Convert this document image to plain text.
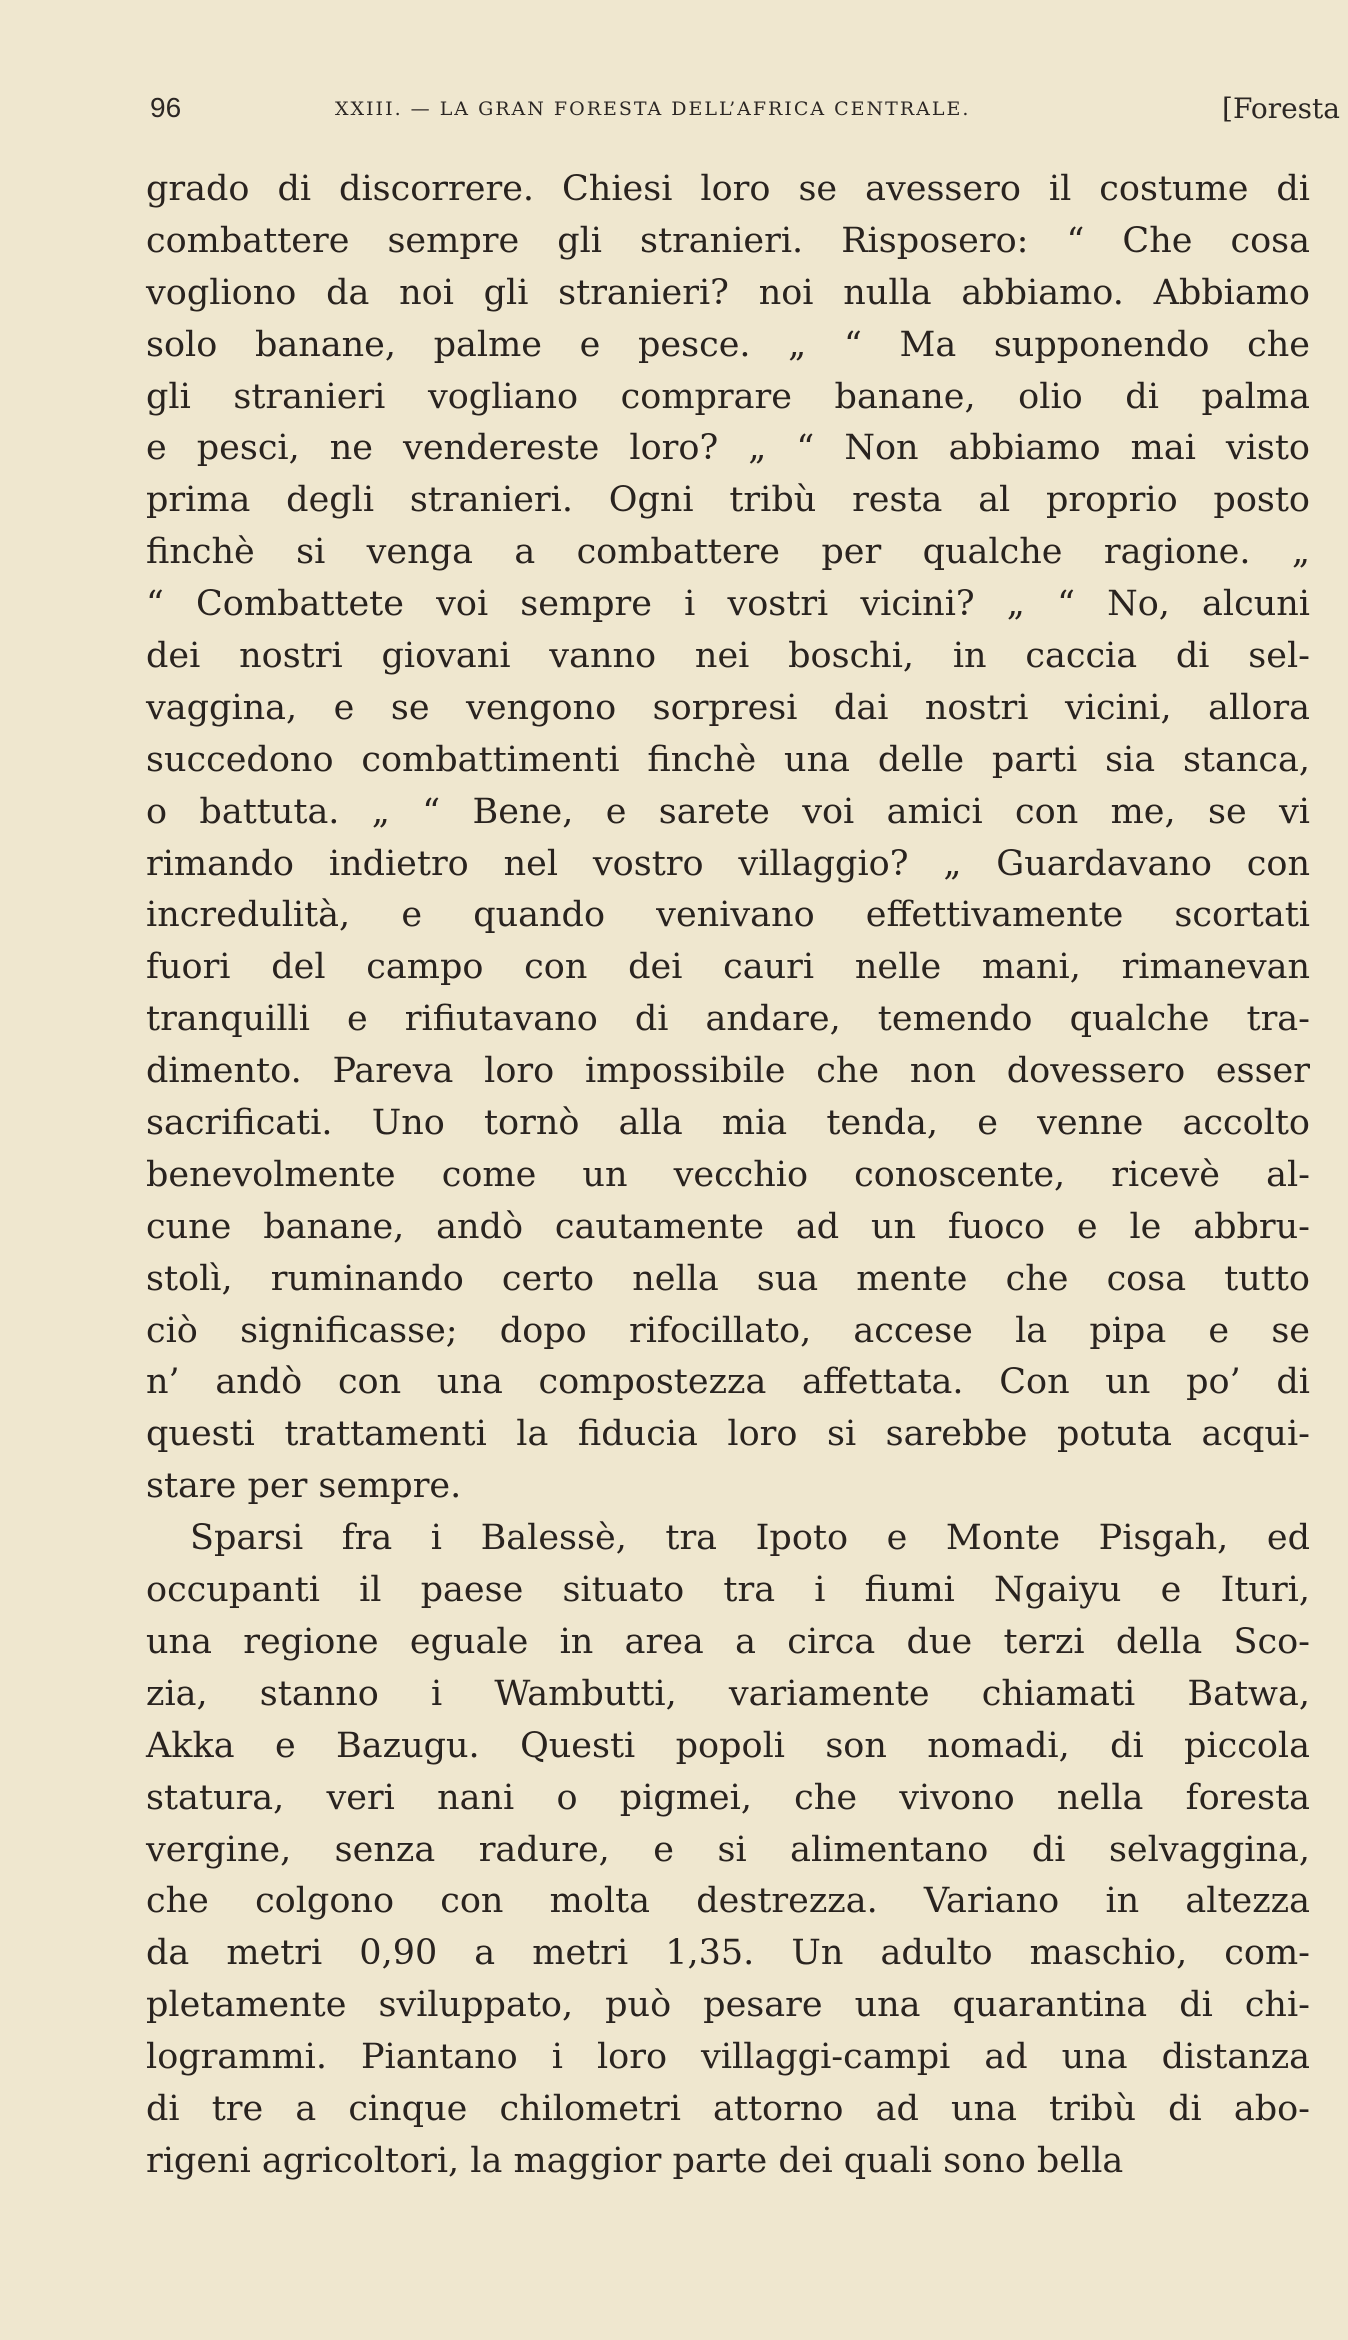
96	XXIII. — LA GRAN FORESTA DELL’AFRICA CENTRALE.	[Foresta
grado di discorrere. Chiesi loro se avessero il costume di
combattere sempre gli stranieri. Risposero: “ Che cosa
vogliono da noi gli stranieri? noi nulla abbiamo. Abbiamo
solo banane, palme e pesce. „ “ Ma supponendo che
gli stranieri vogliano comprare banane, olio di palma
e pesci, ne vendereste loro? „ “ Non abbiamo mai visto
prima degli stranieri. Ogni tribù resta al proprio posto
finchè si venga a combattere per qualche ragione. „
“ Combattete voi sempre i vostri vicini? „ “ No, alcuni
dei nostri giovani vanno nei boschi, in caccia di sel-
vaggina, e se vengono sorpresi dai nostri vicini, allora
succedono combattimenti finchè una delle parti sia stanca,
o battuta. „ “ Bene, e sarete voi amici con me, se vi
rimando indietro nel vostro villaggio? „ Guardavano con
incredulità, e quando venivano effettivamente scortati
fuori del campo con dei cauri nelle mani, rimanevan
tranquilli e rifiutavano di andare, temendo qualche tra-
dimento. Pareva loro impossibile che non dovessero esser
sacrificati. Uno tornò alla mia tenda, e venne accolto
benevolmente come un vecchio conoscente, ricevè al-
cune banane, andò cautamente ad un fuoco e le abbru-
stolì, ruminando certo nella sua mente che cosa tutto
ciò significasse; dopo rifocillato, accese la pipa e se
n’ andò con una compostezza affettata. Con un po’ di
questi trattamenti la fiducia loro si sarebbe potuta acqui-
stare per sempre.
Sparsi fra i Balessè, tra Ipoto e Monte Pisgah, ed
occupanti il paese situato tra i fiumi Ngaiyu e Ituri,
una regione eguale in area a circa due terzi della Sco-
zia, stanno i Wambutti, variamente chiamati Batwa,
Akka e Bazugu. Questi popoli son nomadi, di piccola
statura, veri nani o pigmei, che vivono nella foresta
vergine, senza radure, e si alimentano di selvaggina,
che colgono con molta destrezza. Variano in altezza
da metri 0,90 a metri 1,35. Un adulto maschio, com-
pletamente sviluppato, può pesare una quarantina di chi-
logrammi. Piantano i loro villaggi-campi ad una distanza
di tre a cinque chilometri attorno ad una tribù di abo-
rigeni agricoltori, la maggior parte dei quali sono bella
